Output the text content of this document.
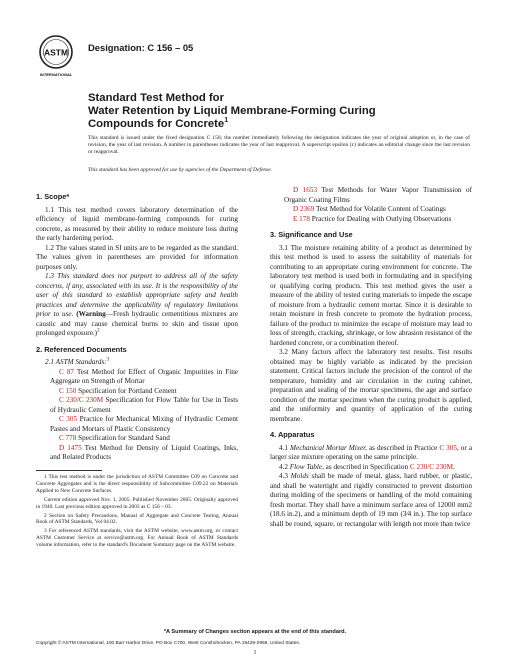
ASTM
INTERNATIONAL
Designation: C 156 – 05
Standard Test Method for
Water Retention by Liquid Membrane-Forming Curing
Compounds for Concrete$^1$
This standard is issued under the fixed designation C 156; the number immediately following the designation indicates the year of original adoption or, in the case of revision, the year of last revision. A number in parentheses indicates the year of last reapproval. A superscript epsilon (ε) indicates an editorial change since the last revision or reapproval.
This standard has been approved for use by agencies of the Department of Defense.
1. Scope*

1.1 This test method covers laboratory determination of the efficiency of liquid membrane-forming compounds for curing concrete, as measured by their ability to reduce moisture loss during the early hardening period.

1.2 The values stated in SI units are to be regarded as the standard. The values given in parentheses are provided for information purposes only.

1.3 This standard does not purport to address all of the safety concerns, if any, associated with its use. It is the responsibility of the user of this standard to establish appropriate safety and health practices and determine the applicability of regulatory limitations prior to use. (Warning—Fresh hydraulic cementitious mixtures are caustic and may cause chemical burns to skin and tissue upon prolonged exposure.)$^2$

2. Referenced Documents

2.1 ASTM Standards:$^3$

C 87 Test Method for Effect of Organic Impurities in Fine Aggregate on Strength of Mortar

C 150 Specification for Portland Cement

C 230/C 230M Specification for Flow Table for Use in Tests of Hydraulic Cement

C 305 Practice for Mechanical Mixing of Hydraulic Cement Pastes and Mortars of Plastic Consistency

C 778 Specification for Standard Sand

D 1475 Test Method for Density of Liquid Coatings, Inks, and Related Products

1 This test method is under the jurisdiction of ASTM Committee C09 on Concrete and Concrete Aggregates and is the direct responsibility of Subcommittee C09.22 on Materials Applied to New Concrete Surfaces.

Current edition approved Nov. 1, 2005. Published November 2005. Originally approved in 1940. Last previous edition approved in 2003 as C 156 – 03.

2 Section on Safety Precautions, Manual of Aggregate and Concrete Testing, Annual Book of ASTM Standards, Vol 04.02.

3 For referenced ASTM standards, visit the ASTM website, www.astm.org, or contact ASTM Customer Service at service@astm.org. For Annual Book of ASTM Standards volume information, refer to the standard's Document Summary page on the ASTM website.

D 1653 Test Methods for Water Vapor Transmission of Organic Coating Films

D 2369 Test Method for Volatile Content of Coatings

E 178 Practice for Dealing with Outlying Observations

3. Significance and Use

3.1 The moisture retaining ability of a product as determined by this test method is used to assess the suitability of materials for contributing to an appropriate curing environment for concrete. The laboratory test method is used both in formulating and in specifying or qualifying curing products. This test method gives the user a measure of the ability of tested curing materials to impede the escape of moisture from a hydraulic cement mortar. Since it is desirable to retain moisture in fresh concrete to promote the hydration process, failure of the product to minimize the escape of moisture may lead to loss of strength, cracking, shrinkage, or low abrasion resistance of the hardened concrete, or a combination thereof.

3.2 Many factors affect the laboratory test results. Test results obtained may be highly variable as indicated by the precision statement. Critical factors include the precision of the control of the temperature, humidity and air circulation in the curing cabinet, preparation and sealing of the mortar specimens, the age and surface condition of the mortar specimen when the curing product is applied, and the uniformity and quantity of application of the curing membrane.

4. Apparatus

4.1 Mechanical Mortar Mixer, as described in Practice C 305, or a larger size mixture operating on the same principle.

4.2 Flow Table, as described in Specification C 230/C 230M.

4.3 Molds shall be made of metal, glass, hard rubber, or plastic, and shall be watertight and rigidly constructed to prevent distortion during molding of the specimens or handling of the mold containing fresh mortar. They shall have a minimum surface area of 12000 mm2 (18.6 in.2), and a minimum depth of 19 mm (3⁄4 in.). The top surface shall be round, square, or rectangular with length not more than twice

*A Summary of Changes section appears at the end of this standard.
Copyright © ASTM International, 100 Barr Harbor Drive, PO Box C700, West Conshohocken, PA 19428-2959, United States.
1
